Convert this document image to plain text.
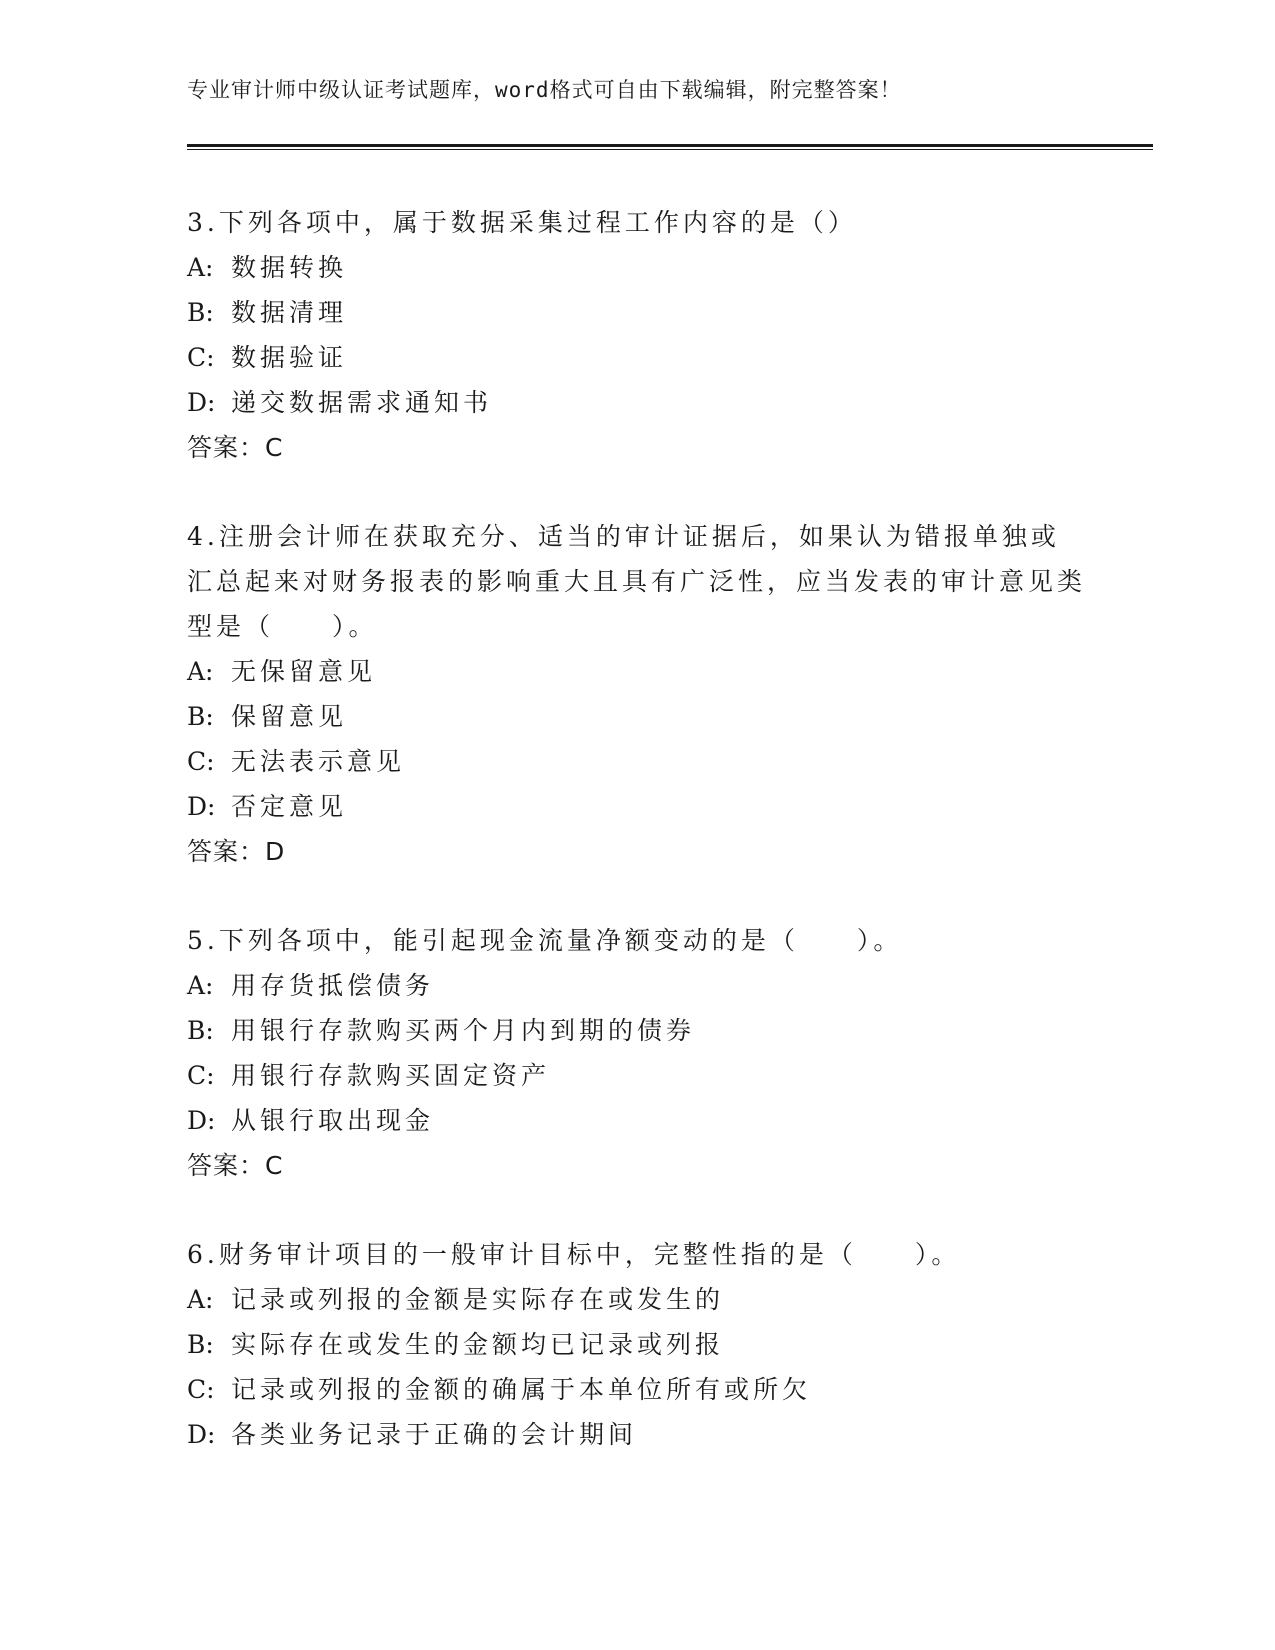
专业审计师中级认证考试题库，word格式可自由下载编辑，附完整答案！

3.下列各项中，属于数据采集过程工作内容的是（）

A: 数据转换
B: 数据清理
C: 数据验证
D: 递交数据需求通知书
答案：C

4.注册会计师在获取充分、适当的审计证据后，如果认为错报单独或汇总起来对财务报表的影响重大且具有广泛性，应当发表的审计意见类型是（　　）。

A: 无保留意见
B: 保留意见
C: 无法表示意见
D: 否定意见
答案：D

5.下列各项中，能引起现金流量净额变动的是（　　）。

A: 用存货抵偿债务
B: 用银行存款购买两个月内到期的债券
C: 用银行存款购买固定资产
D: 从银行取出现金
答案：C

6.财务审计项目的一般审计目标中，完整性指的是（　　）。

A: 记录或列报的金额是实际存在或发生的
B: 实际存在或发生的金额均已记录或列报
C: 记录或列报的金额的确属于本单位所有或所欠
D: 各类业务记录于正确的会计期间
